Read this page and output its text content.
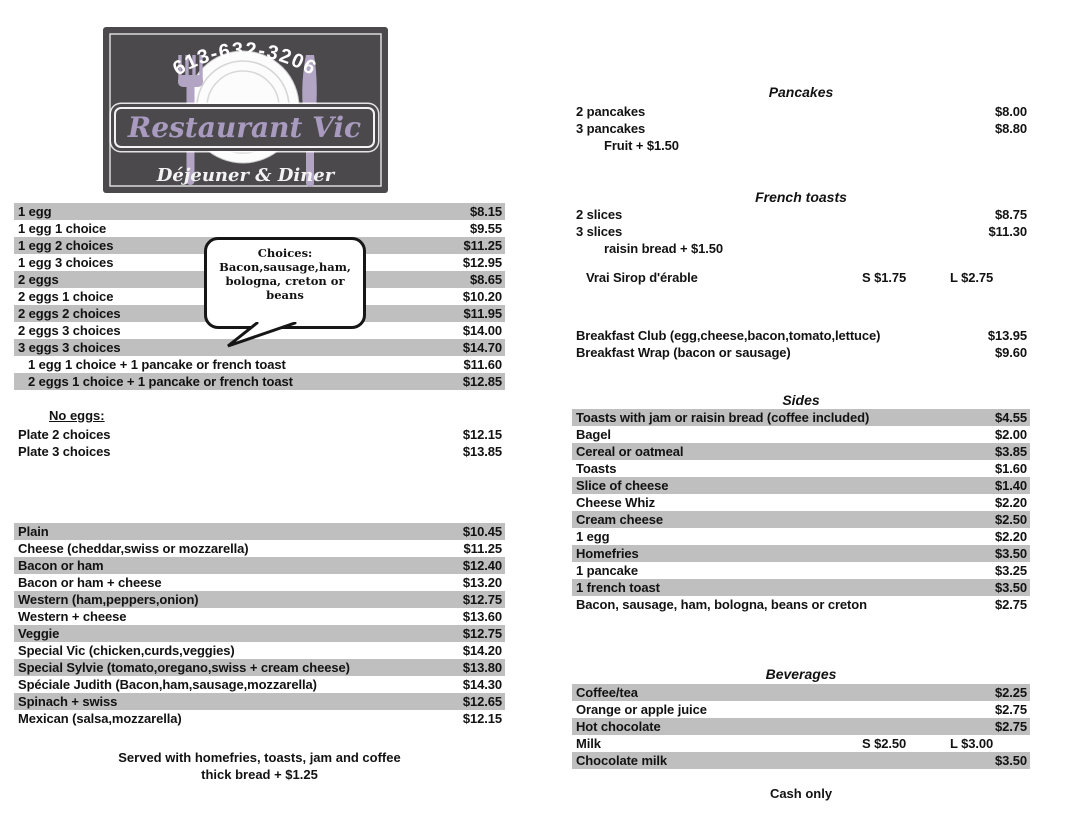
613-632-3206
Restaurant Vic
Déjeuner & Diner
1 egg	$8.15
1 egg 1 choice	$9.55
1 egg 2 choices	$11.25
1 egg 3 choices	$12.95
2 eggs	$8.65
2 eggs 1 choice	$10.20
2 eggs 2 choices	$11.95
2 eggs 3 choices	$14.00
3 eggs 3 choices	$14.70
1 egg 1 choice + 1 pancake or french toast	$11.60
2 eggs 1 choice + 1 pancake or french toast	$12.85
Choices:
Bacon,sausage,ham,
bologna, creton or
beans
No eggs:
Plate 2 choices	$12.15
Plate 3 choices	$13.85
Plain	$10.45
Cheese (cheddar,swiss or mozzarella)	$11.25
Bacon or ham	$12.40
Bacon or ham + cheese	$13.20
Western (ham,peppers,onion)	$12.75
Western + cheese	$13.60
Veggie	$12.75
Special Vic (chicken,curds,veggies)	$14.20
Special Sylvie (tomato,oregano,swiss + cream cheese)	$13.80
Spéciale Judith (Bacon,ham,sausage,mozzarella)	$14.30
Spinach + swiss	$12.65
Mexican (salsa,mozzarella)	$12.15
Served with homefries, toasts, jam and coffee
thick bread + $1.25
Pancakes
2 pancakes	$8.00
3 pancakes	$8.80
Fruit + $1.50
French toasts
2 slices	$8.75
3 slices	$11.30
raisin bread + $1.50
Vrai Sirop d'érable	S $1.75	L $2.75
Breakfast Club (egg,cheese,bacon,tomato,lettuce)	$13.95
Breakfast Wrap (bacon or sausage)	$9.60
Sides
Toasts with jam or raisin bread (coffee included)	$4.55
Bagel	$2.00
Cereal or oatmeal	$3.85
Toasts	$1.60
Slice of cheese	$1.40
Cheese Whiz	$2.20
Cream cheese	$2.50
1 egg	$2.20
Homefries	$3.50
1 pancake	$3.25
1 french toast	$3.50
Bacon, sausage, ham, bologna, beans or creton	$2.75
Beverages
Coffee/tea	$2.25
Orange or apple juice	$2.75
Hot chocolate	$2.75
Milk	S $2.50	L $3.00
Chocolate milk	$3.50
Cash only
